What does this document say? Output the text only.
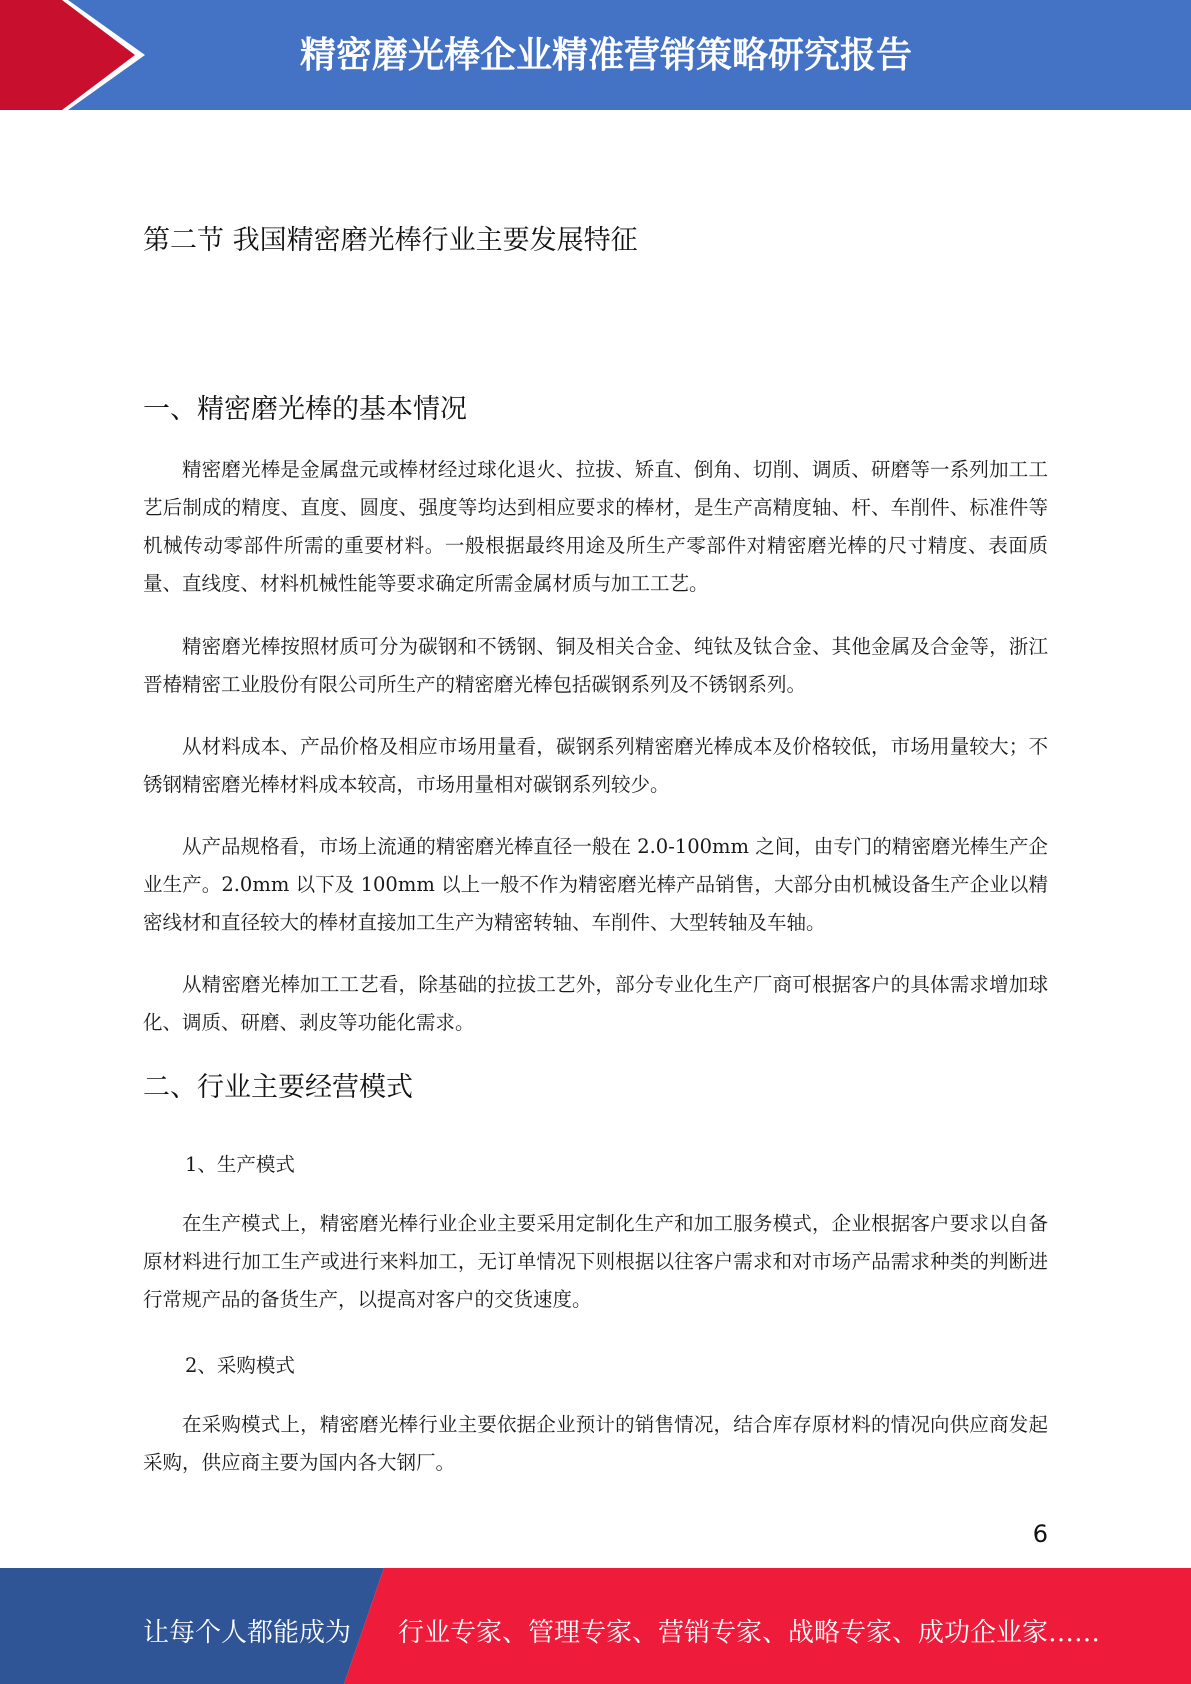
精密磨光棒企业精准营销策略研究报告
第二节 我国精密磨光棒行业主要发展特征
一、精密磨光棒的基本情况

精密磨光棒是金属盘元或棒材经过球化退火、拉拔、矫直、倒角、切削、调质、研磨等一系列加工工艺后制成的精度、直度、圆度、强度等均达到相应要求的棒材，是生产高精度轴、杆、车削件、标准件等机械传动零部件所需的重要材料。一般根据最终用途及所生产零部件对精密磨光棒的尺寸精度、表面质量、直线度、材料机械性能等要求确定所需金属材质与加工工艺。

精密磨光棒按照材质可分为碳钢和不锈钢、铜及相关合金、纯钛及钛合金、其他金属及合金等，浙江晋椿精密工业股份有限公司所生产的精密磨光棒包括碳钢系列及不锈钢系列。

从材料成本、产品价格及相应市场用量看，碳钢系列精密磨光棒成本及价格较低，市场用量较大；不锈钢精密磨光棒材料成本较高，市场用量相对碳钢系列较少。

从产品规格看，市场上流通的精密磨光棒直径一般在 2.0-100mm 之间，由专门的精密磨光棒生产企业生产。2.0mm 以下及 100mm 以上一般不作为精密磨光棒产品销售，大部分由机械设备生产企业以精密线材和直径较大的棒材直接加工生产为精密转轴、车削件、大型转轴及车轴。

从精密磨光棒加工工艺看，除基础的拉拔工艺外，部分专业化生产厂商可根据客户的具体需求增加球化、调质、研磨、剥皮等功能化需求。

二、行业主要经营模式
1、生产模式

在生产模式上，精密磨光棒行业企业主要采用定制化生产和加工服务模式，企业根据客户要求以自备原材料进行加工生产或进行来料加工，无订单情况下则根据以往客户需求和对市场产品需求种类的判断进行常规产品的备货生产，以提高对客户的交货速度。

2、采购模式

在采购模式上，精密磨光棒行业主要依据企业预计的销售情况，结合库存原材料的情况向供应商发起采购，供应商主要为国内各大钢厂。

6
让每个人都能成为 行业专家、管理专家、营销专家、战略专家、成功企业家……
